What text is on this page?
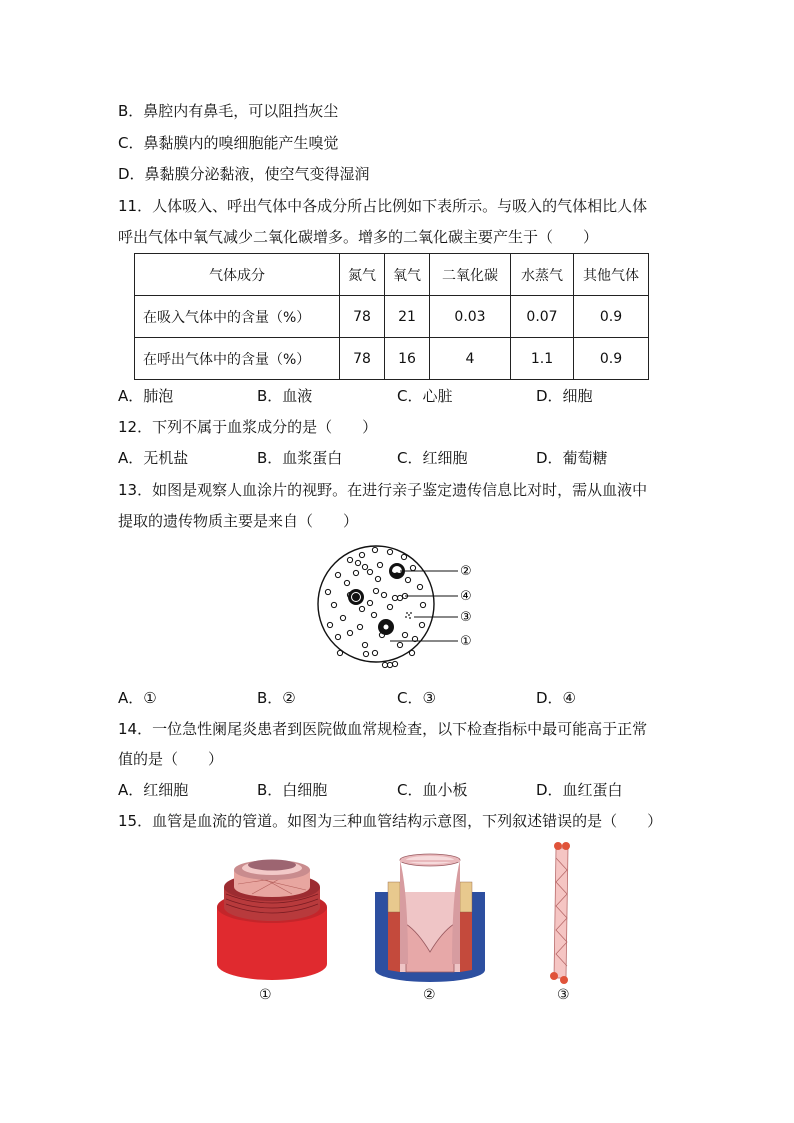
B．鼻腔内有鼻毛，可以阻挡灰尘
C．鼻黏膜内的嗅细胞能产生嗅觉
D．鼻黏膜分泌黏液，使空气变得湿润
11．人体吸入、呼出气体中各成分所占比例如下表所示。与吸入的气体相比人体
呼出气体中氧气减少二氧化碳增多。增多的二氧化碳主要产生于（　　）
气体成分	氮气	氧气	二氧化碳	水蒸气	其他气体
在吸入气体中的含量（%）	78	21	0.03	0.07	0.9
在呼出气体中的含量（%）	78	16	4	1.1	0.9
A．肺泡	B．血液	C．心脏	D．细胞
12．下列不属于血浆成分的是（　　）
A．无机盐	B．血浆蛋白	C．红细胞	D．葡萄糖
13．如图是观察人血涂片的视野。在进行亲子鉴定遗传信息比对时，需从血液中
提取的遗传物质主要是来自（　　）
②
④
③
①
A．①	B．②	C．③	D．④
14．一位急性阑尾炎患者到医院做血常规检查，以下检查指标中最可能高于正常
值的是（　　）
A．红细胞	B．白细胞	C．血小板	D．血红蛋白
15．血管是血流的管道。如图为三种血管结构示意图，下列叙述错误的是（　　）
①	②	③
